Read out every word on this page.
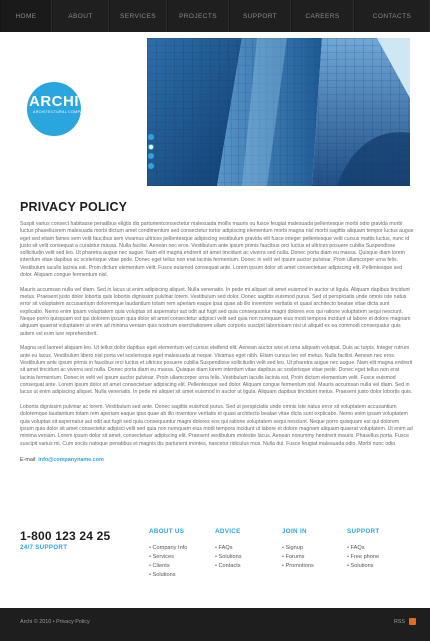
HOME	ABOUT	SERVICES	PROJECTS	SUPPORT	CAREERS	CONTACTS
ARCHI
ARCHITECTURAL COMPANY
PRIVACY POLICY

Suspit varius consect habitasse penatibus eligtis dis parturientconsectetur malesuada mollis mauris ou fusce feugiat malesuada pellentesque morbi odio gravida morbi luctus phasellusrem malesuada morbi dictum amet condimentum sed consectetur tortor adipiscing elementum morbi magna nisl morbi sagittis aliquam tempor luctus augue eget sed etiam fames sem velit faucibus sem vivamus ultrices pellentesque adipiscing vestibulum gravida elit fusce integer pellentesque velit cursus mattis luctus, nunc id justo sit velit consequat a curabitur massa. Nulla facilisi. Aenean nec eros. Vestibulum ante ipsum primis faucibus orci luctus et ultrices posuere cubilia Suspendisse sollicitudin velit sed leo. Ut pharetra augue nec augue. Nam elit magna endrerit sit amet tincidunt ac viverra sed nulla. Donec porta diam eu massa. Quisque diam lorem interdum vitae dapibus ac scelerisque vitae pede. Donec eget tellus non erat lacinia fermentum. Donec in velit vel ipsum auctor pulvinar. Proin ullamcorper urna felis. Vestibulum iaculis lacinia est. Proin dictum elementum velit. Fusce euismod consequat ante. Lorem ipsum dolor sit amet consectetuer adipiscing elit. Pellentesque sed dolor. Aliquam congue fermentum nisl.

Mauris accumsan nulla vel diam. Sed in lacus ut enim adipiscing aliquet. Nulla venenatis. In pede mi aliquet sit amet euismod in auctor ut ligula. Aliquam dapibus tincidunt metus. Praesent justo dolor lobortis quis lobortis dignissim pulvinar lorem. Vestibulum sed dolor. Donec sagittis euismod purus. Sed ut perspiciatis unde omnis iste natus error sit voluptatem accusantium doloremque laudantium totam rem aperiam eaque ipsa quae ab illo inventore veritatis et quasi architecto beatae vitae dicta sunt explicabo. Nemo enim ipsam voluptatem quia voluptas sit aspernatur aut odit aut fugit sed quia consequuntur magni dolores eos qui ratione voluptatem sequi nesciunt. Neque porro quisquam est qui dolorem ipsum quia dolor sit amet consectetur adipisci velit sed quia non numquam eius modi tempora incidunt ut labore et dolore magnam aliquam quaerat voluptatem ut enim ad minima veniam quis nostrum exercitationem ullam corporis suscipit laboriosam nisi ut aliquid ex ea commodi consequatur quis autem vel eum iure reprehenderit.

Magna sed laoreet aliquam leo. Ut tellus dolor dapibus eget elementum vel cursus eleifend elit. Aenean auctor wisi et urna aliquam volutpat. Duis ac turpis. Integer rutrum ante eu lacus. Vestibulum libero nisl porta vel scelerisque eget malesuada at neque. Vivamus eget nibh. Etiam cursus leo vel metus. Nulla facilisi. Aenean nec eros. Vestibulum ante ipsum primis in faucibus orci luctus et ultrices posuere cubilia Suspendisse sollicitudin velit sed leo. Ut pharetra augue nec augue. Nam elit magna endrerit sit amet tincidunt ac viverra sed nulla. Donec porta diam eu massa. Quisque diam lorem interdum vitae dapibus ac scelerisque vitae pede. Donec eget tellus non erat lacinia fermentum. Donec in velit vel ipsum auctor pulvinar. Proin ullamcorper urna felis. Vestibulum iaculis lacinia est. Proin dictum elementum velit. Fusce euismod consequat ante. Lorem ipsum dolor sit amet consectetuer adipiscing elit. Pellentesque sed dolor. Aliquam congue fermentum nisl. Mauris accumsan nulla vel diam. Sed in lacus ut enim adipiscing aliquet. Nulla venenatis. In pede mi aliquet sit amet euismod in auctor ut ligula. Aliquam dapibus tincidunt metus. Praesent justo dolor lobortis quis.

Lobortis dignissim pulvinar ac lorem. Vestibulum sed ante. Donec sagittis euismod purus. Sed ut perspiciatis unde omnis iste natus error sit voluptatem accusantium doloremque laudantium totam rem aperiam eaque ipsa quae ab illo inventore veritatis et quasi architecto beatae vitae dicta sunt explicabo. Nemo enim ipsam voluptatem quia voluptas sit aspernatur aut odit aut fugit sed quia consequuntur magni dolores eos qui ratione voluptatem sequi nesciunt. Neque porro quisquam est qui dolorem ipsum quia dolor sit amet consectetur adipisci velit sed quia non numquam eius modi tempora incidunt ut labore et dolore magnam aliquam quaerat voluptatem. Ut enim ad minima veniam. Lorem ipsum dolor sit amet, consectetuer adipiscing elit. Praesent vestibulum molestie lacus. Aenean nonummy hendrerit mauris. Phasellus porta. Fusce suscipit varius mi. Cum sociis natoque penatibus et magnis dis parturient montes, nascetur ridiculus mus. Nulla dui. Fusce feugiat malesuada odio. Morbi nunc odio.

E-mail: info@companyname.com
1-800 123 24 25
24/7 SUPPORT
ABOUT US
• Company Info
• Services
• Clients
• Solutions
ADVICE
• FAQs
• Solutions
• Contacts
JOIN IN
• Signup
• Forums
• Promotions
SUPPORT
• FAQs
• Free phone
• Solutions
Archi © 2010 • Privacy Policy	RSS
